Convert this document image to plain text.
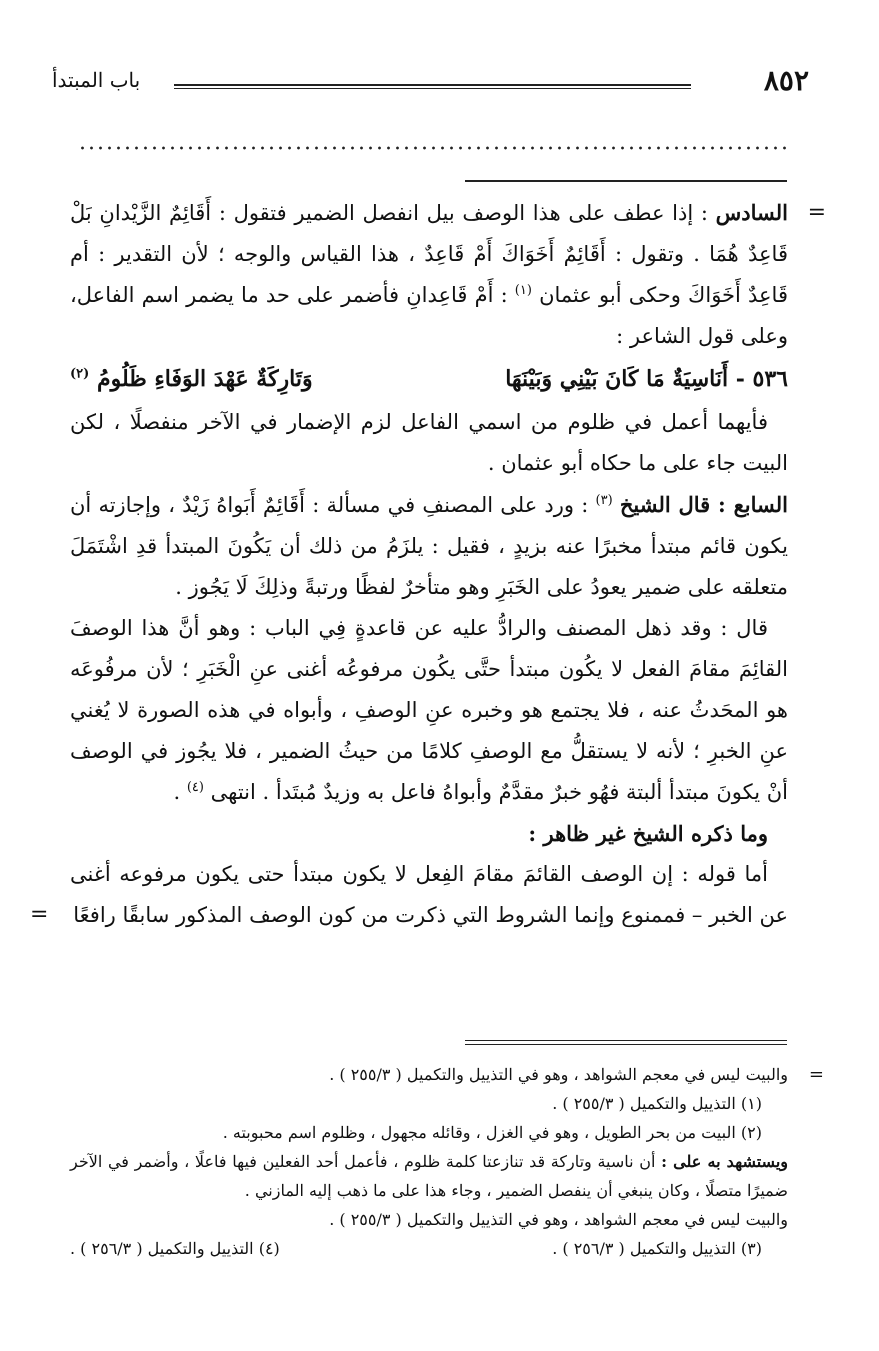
٨٥٢
باب المبتدأ
=

السادس : إذا عطف على هذا الوصف بيل انفصل الضمير فتقول : أَقَائِمٌ الزَّيْدانِ بَلْ قَاعِدٌ هُمَا . وتقول : أَقَائِمٌ أَخَوَاكَ أَمْ قَاعِدٌ ، هذا القياس والوجه ؛ لأن التقدير : أم قَاعِدٌ أَخَوَاكَ وحكى أبو عثمان $^{(١)}$ : أَمْ قَاعِدانِ فأضمر على حد ما يضمر اسم الفاعل، وعلى قول الشاعر :

٥٣٦ - أَنَاسِيَةٌ مَا كَانَ بَيْنِي وَبَيْنَهَا
وَتَارِكَةٌ عَهْدَ الوَفَاءِ ظَلُومُ $^{(٢)}$

فأيهما أعمل في ظلوم من اسمي الفاعل لزم الإضمار في الآخر منفصلًا ، لكن البيت جاء على ما حكاه أبو عثمان .

السابع : قال الشيخ $^{(٣)}$ : ورد على المصنفِ في مسألة : أَقَائِمٌ أَبَواهُ زَيْدٌ ، وإجازته أن يكون قائم مبتدأ مخبرًا عنه بزيدٍ ، فقيل : يلزَمُ من ذلك أن يَكُونَ المبتدأ قدِ اشْتَمَلَ متعلقه على ضمير يعودُ على الخَبَرِ وهو متأخرٌ لفظًا ورتبةً وذلِكَ لَا يَجُوز .

قال : وقد ذهل المصنف والرادُّ عليه عن قاعدةٍ فِي الباب : وهو أنَّ هذا الوصفَ القائِمَ مقامَ الفعل لا يكُون مبتدأ حتَّى يكُون مرفوعُه أغنى عنِ الْخَبَرِ ؛ لأن مرفُوعَه هو المحَدثُ عنه ، فلا يجتمع هو وخبره عنِ الوصفِ ، وأبواه في هذه الصورة لا يُغني عنِ الخبرِ ؛ لأنه لا يستقلُّ مع الوصفِ كلامًا من حيثُ الضمير ، فلا يجُوز في الوصف أنْ يكونَ مبتدأ ألبتة فهُو خبرٌ مقدَّمٌ وأبواهُ فاعل به وزيدٌ مُبتَدأ . انتهى $^{(٤)}$ .

وما ذكره الشيخ غير ظاهر :

أما قوله : إن الوصف القائمَ مقامَ الفِعل لا يكون مبتدأ حتى يكون مرفوعه أغنى عن الخبر – فممنوع وإنما الشروط التي ذكرت من كون الوصف المذكور سابقًا رافعًا
=

=

والبيت ليس في معجم الشواهد ، وهو في التذييل والتكميل ( ٢٥٥/٣ ) .

(١) التذييل والتكميل ( ٢٥٥/٣ ) .

(٢) البيت من بحر الطويل ، وهو في الغزل ، وقائله مجهول ، وظلوم اسم محبوبته .

ويستشهد به على : أن ناسية وتاركة قد تنازعتا كلمة ظلوم ، فأعمل أحد الفعلين فيها فاعلًا ، وأضمر في الآخر ضميرًا متصلًا ، وكان ينبغي أن ينفصل الضمير ، وجاء هذا على ما ذهب إليه المازني .

والبيت ليس في معجم الشواهد ، وهو في التذييل والتكميل ( ٢٥٥/٣ ) .

(٣) التذييل والتكميل ( ٢٥٦/٣ ) .
(٤) التذييل والتكميل ( ٢٥٦/٣ ) .
